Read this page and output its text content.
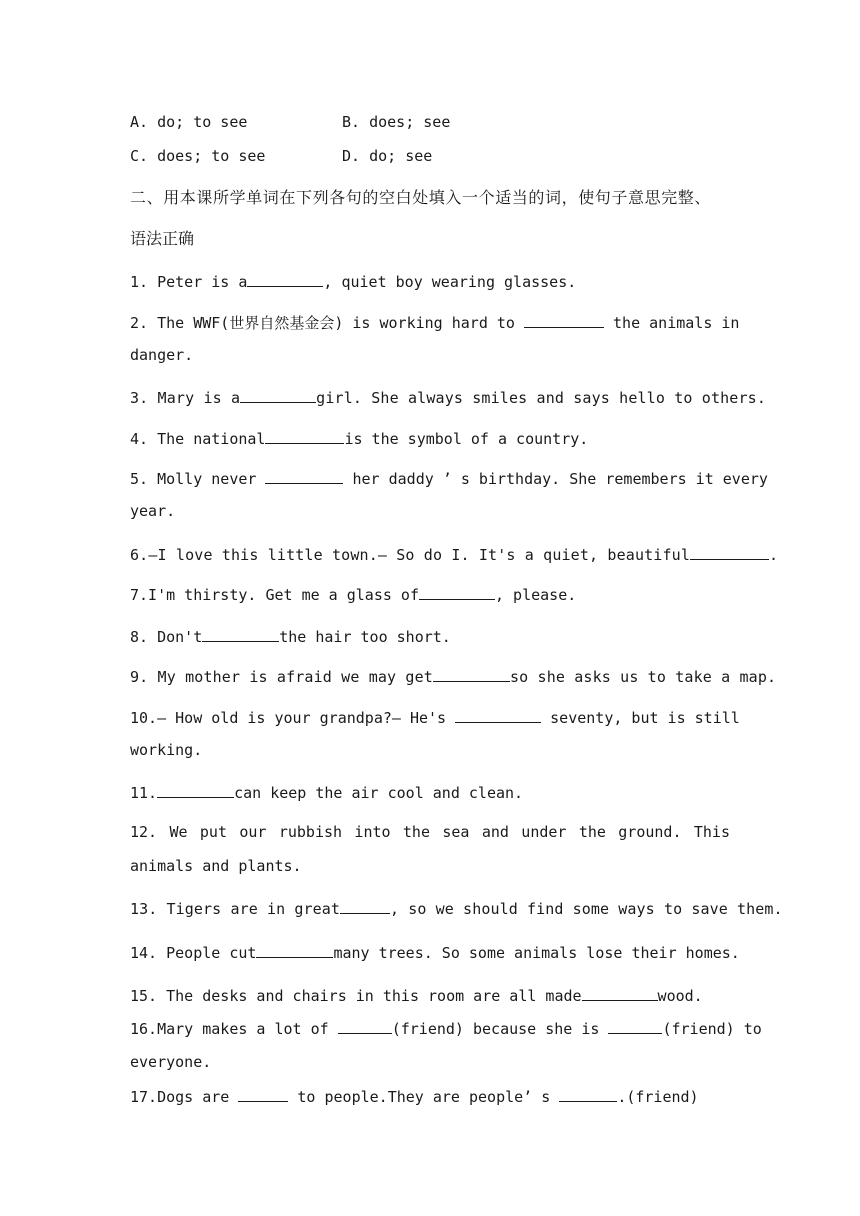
A. do; to see	B. does; see
C. does; to see	D. do; see
二、用本课所学单词在下列各句的空白处填入一个适当的词，使句子意思完整、
语法正确
1. Peter is a	, quiet boy wearing glasses.
2. The WWF(世界自然基金会) is working hard to	the animals in
danger.
3. Mary is a	girl. She always smiles and says hello to others.
4. The national	is the symbol of a country.
5. Molly never	her daddy ’ s birthday. She remembers it every
year.
6.—I love this little town.— So do I. It's a quiet, beautiful	.
7.I'm thirsty. Get me a glass of	, please.
8. Don't	the hair too short.
9. My mother is afraid we may get	so she asks us to take a map.
10.— How old is your grandpa?— He's	seventy, but is still
working.
11.	can keep the air cool and clean.
12. We put our rubbish into the sea and under the ground. This
animals and plants.
13. Tigers are in great	, so we should find some ways to save them.
14. People cut	many trees. So some animals lose their homes.
15. The desks and chairs in this room are all made	wood.
16.Mary makes a lot of	(friend) because she is	(friend) to
everyone.
17.Dogs are	to people.They are people’ s	.(friend)
